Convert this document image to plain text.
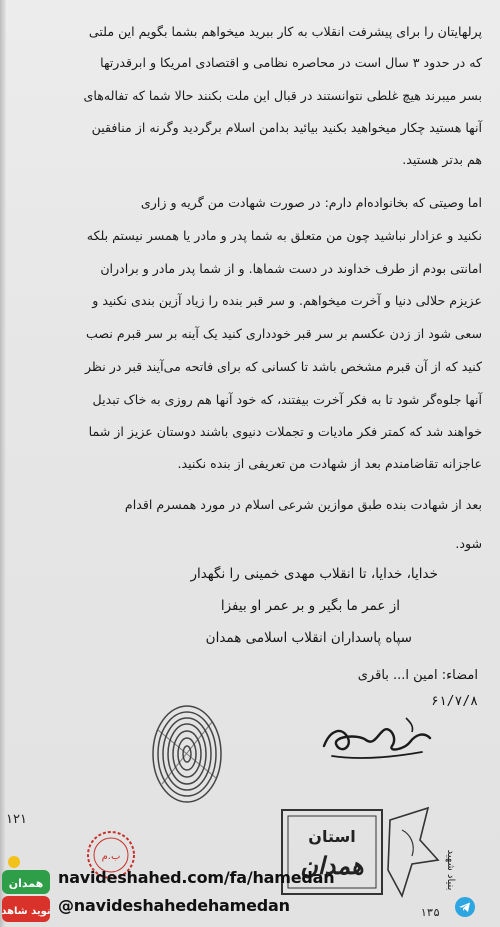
پرلهایتان را برای پیشرفت انقلاب به کار ببرید میخواهم بشما بگویم این ملتی
که در حدود ۳ سال است در محاصره نظامی و اقتصادی امریکا و ابرقدرتها
بسر میبرند هیچ غلطی نتوانستند در قبال این ملت بکنند حالا شما که تفاله‌های
آنها هستید چکار میخواهید بکنید بیائید بدامن اسلام برگردید وگرنه از منافقین
هم بدتر هستید.
اما وصیتی که بخانواده‌ام دارم: در صورت شهادت من گریه و زاری
نکنید و عزادار نباشید چون من متعلق به شما پدر و مادر یا همسر نیستم بلکه
امانتی بودم از طرف خداوند در دست شماها. و از شما پدر مادر و برادران
عزیزم حلالی دنیا و آخرت میخواهم. و سر قبر بنده را زیاد آزین بندی نکنید و
سعی شود از زدن عکسم بر سر قبر خودداری کنید یک آینه بر سر قبرم نصب
کنید که از آن قبرم مشخص باشد تا کسانی که برای فاتحه می‌آیند قبر در نظر
آنها جلوه‌گر شود تا به فکر آخرت بیفتند، که خود آنها هم روزی به خاک تبدیل
خواهند شد که کمتر فکر مادیات و تجملات دنیوی باشند دوستان عزیز از شما
عاجزانه تقاضامندم بعد از شهادت من تعریفی از بنده نکنید.
بعد از شهادت بنده طبق موازین شرعی اسلام در مورد همسرم اقدام
شود.
خدایا، خدایا، تا انقلاب مهدی خمینی را نگهدار
از عمر ما بگیر و بر عمر او بیفزا
سپاه پاسداران انقلاب اسلامی همدان
امضاء: امین ا... باقری
۶۱/۷/۸
۱۲۱
ب.م
استان
همدان	بنیاد شهید
۱۳۵
همدان
نوید شاهد
navideshahed.com/fa/hamedan
@navideshahedehamedan
